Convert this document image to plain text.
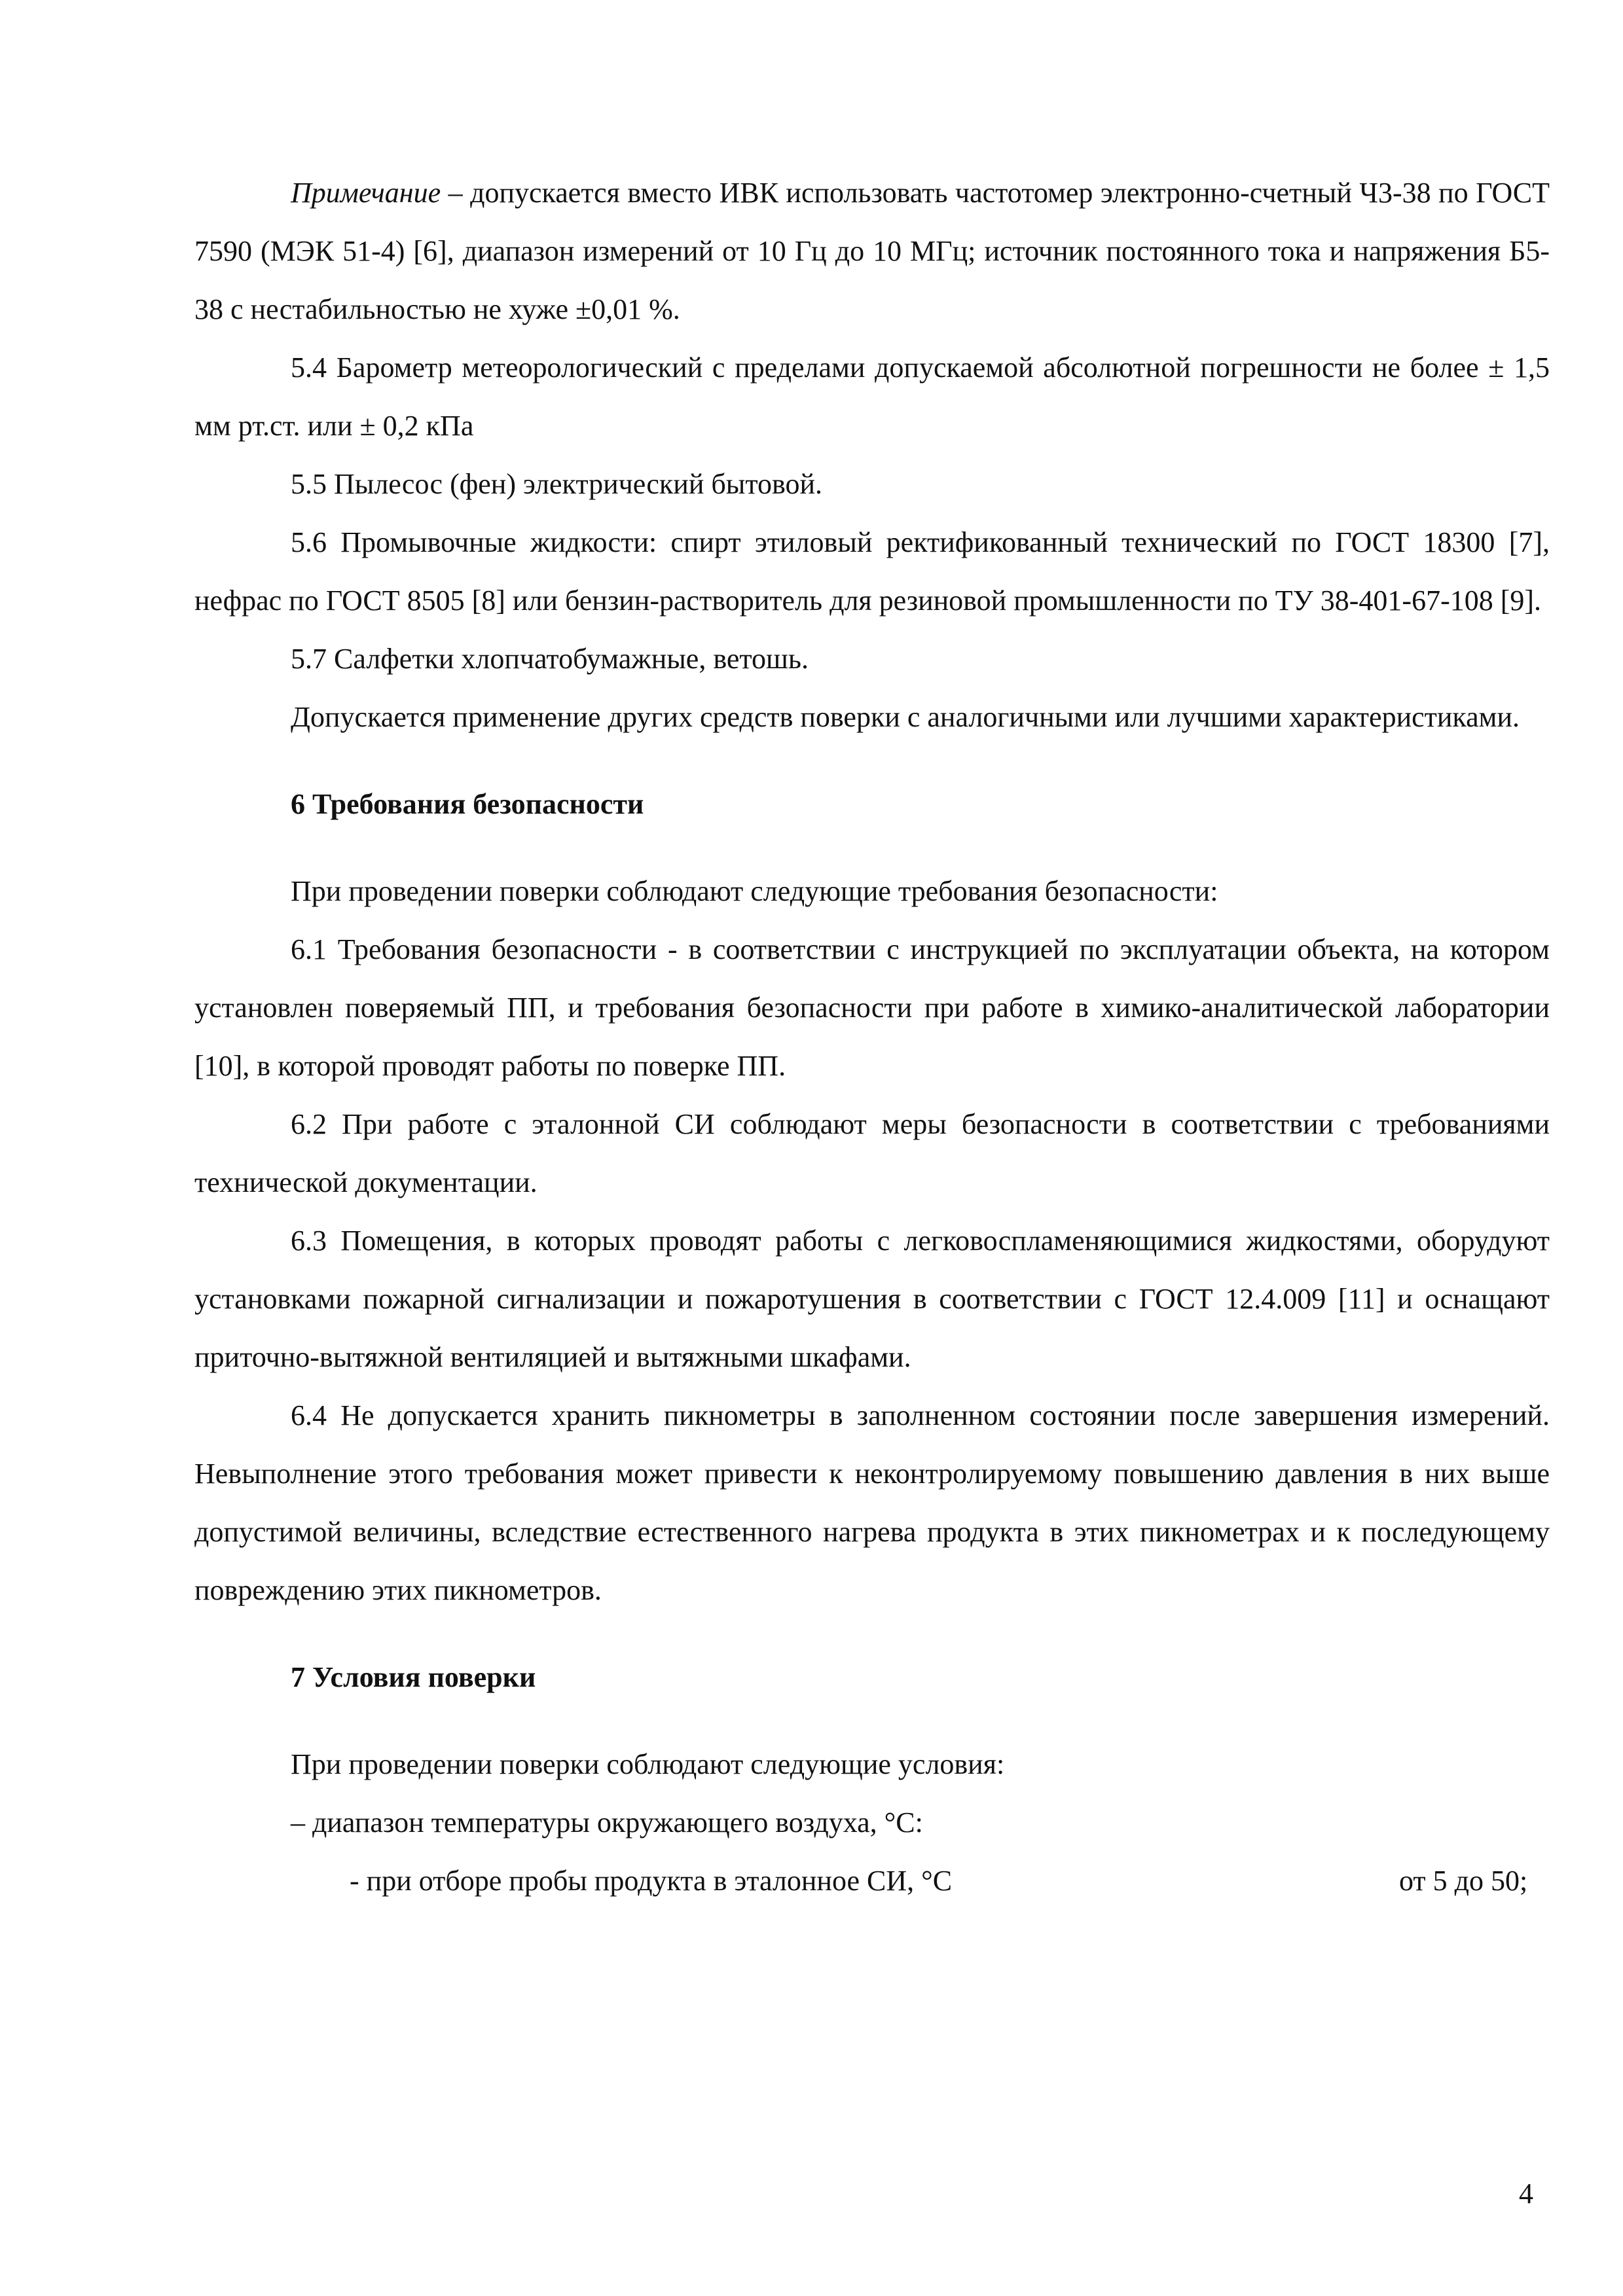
Примечание – допускается вместо ИВК использовать частотомер электронно-счетный Ч3-38 по ГОСТ 7590 (МЭК 51-4) [6], диапазон измерений от 10 Гц до 10 МГц; источник постоянного тока и напряжения Б5-38 с нестабильностью не хуже ±0,01 %.

5.4 Барометр метеорологический с пределами допускаемой абсолютной погрешности не более ± 1,5 мм рт.ст. или ± 0,2 кПа

5.5 Пылесос (фен) электрический бытовой.

5.6 Промывочные жидкости: спирт этиловый ректификованный технический по ГОСТ 18300 [7], нефрас по ГОСТ 8505 [8] или бензин-растворитель для резиновой промышленности по ТУ 38-401-67-108 [9].

5.7 Салфетки хлопчатобумажные, ветошь.

Допускается применение других средств поверки с аналогичными или лучшими характеристиками.

6 Требования безопасности

При проведении поверки соблюдают следующие требования безопасности:

6.1 Требования безопасности - в соответствии с инструкцией по эксплуатации объекта, на котором установлен поверяемый ПП, и требования безопасности при работе в химико-аналитической лаборатории [10], в которой проводят работы по поверке ПП.

6.2 При работе с эталонной СИ соблюдают меры безопасности в соответствии с требованиями технической документации.

6.3 Помещения, в которых проводят работы с легковоспламеняющимися жидкостями, оборудуют установками пожарной сигнализации и пожаротушения в соответствии с ГОСТ 12.4.009 [11] и оснащают приточно-вытяжной вентиляцией и вытяжными шкафами.

6.4 Не допускается хранить пикнометры в заполненном состоянии после завершения измерений. Невыполнение этого требования может привести к неконтролируемому повышению давления в них выше допустимой величины, вследствие естественного нагрева продукта в этих пикнометрах и к последующему повреждению этих пикнометров.

7 Условия поверки

При проведении поверки соблюдают следующие условия:

– диапазон температуры окружающего воздуха, °С:

- при отборе пробы продукта в эталонное СИ, °С	от 5 до 50;
4
